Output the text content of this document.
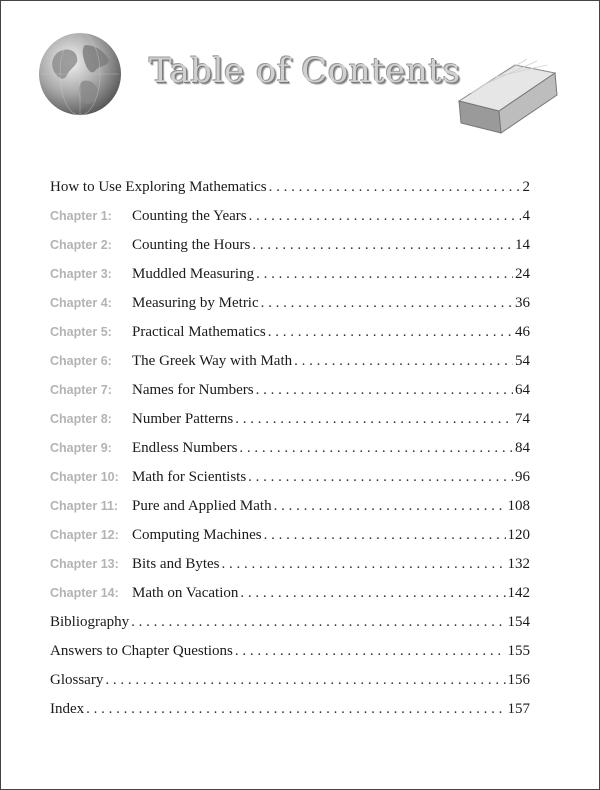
Table of Contents
How to Use Exploring Mathematics . . .	2
Chapter 1:	Counting the Years . . .	4
Chapter 2:	Counting the Hours . . .	14
Chapter 3:	Muddled Measuring . . .	24
Chapter 4:	Measuring by Metric . . .	36
Chapter 5:	Practical Mathematics . . .	46
Chapter 6:	The Greek Way with Math . . .	54
Chapter 7:	Names for Numbers . . .	64
Chapter 8:	Number Patterns . . .	74
Chapter 9:	Endless Numbers . . .	84
Chapter 10: Math for Scientists . . .	96
Chapter 11: Pure and Applied Math . . .	108
Chapter 12: Computing Machines . . .	120
Chapter 13: Bits and Bytes . . .	132
Chapter 14: Math on Vacation . . .	142
Bibliography . . .	154
Answers to Chapter Questions . . .	155
Glossary . . .	156
Index . . .	157
